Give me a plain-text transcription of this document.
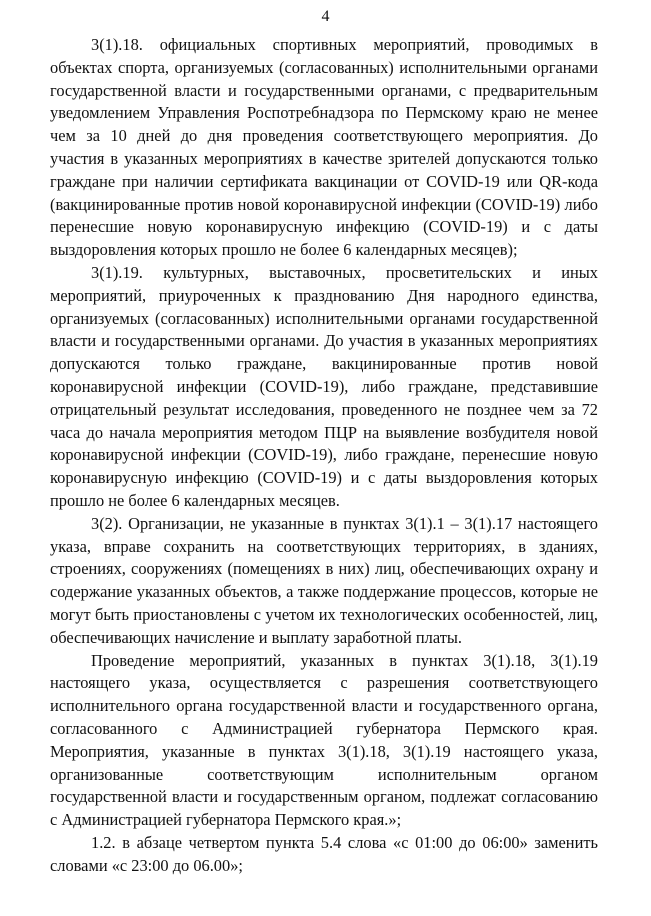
4

3(1).18. официальных спортивных мероприятий, проводимых в объектах спорта, организуемых (согласованных) исполнительными органами государственной власти и государственными органами, с предварительным уведомлением Управления Роспотребнадзора по Пермскому краю не менее чем за 10 дней до дня проведения соответствующего мероприятия. До участия в указанных мероприятиях в качестве зрителей допускаются только граждане при наличии сертификата вакцинации от COVID-19 или QR-кода (вакцинированные против новой коронавирусной инфекции (COVID-19) либо перенесшие новую коронавирусную инфекцию (COVID-19) и с даты выздоровления которых прошло не более 6 календарных месяцев);

3(1).19. культурных, выставочных, просветительских и иных мероприятий, приуроченных к празднованию Дня народного единства, организуемых (согласованных) исполнительными органами государственной власти и государственными органами. До участия в указанных мероприятиях допускаются только граждане, вакцинированные против новой коронавирусной инфекции (COVID-19), либо граждане, представившие отрицательный результат исследования, проведенного не позднее чем за 72 часа до начала мероприятия методом ПЦР на выявление возбудителя новой коронавирусной инфекции (COVID-19), либо граждане, перенесшие новую коронавирусную инфекцию (COVID-19) и с даты выздоровления которых прошло не более 6 календарных месяцев.

3(2). Организации, не указанные в пунктах 3(1).1 – 3(1).17 настоящего указа, вправе сохранить на соответствующих территориях, в зданиях, строениях, сооружениях (помещениях в них) лиц, обеспечивающих охрану и содержание указанных объектов, а также поддержание процессов, которые не могут быть приостановлены с учетом их технологических особенностей, лиц, обеспечивающих начисление и выплату заработной платы.

Проведение мероприятий, указанных в пунктах 3(1).18, 3(1).19 настоящего указа, осуществляется с разрешения соответствующего исполнительного органа государственной власти и государственного органа, согласованного с Администрацией губернатора Пермского края. Мероприятия, указанные в пунктах 3(1).18, 3(1).19 настоящего указа, организованные соответствующим исполнительным органом государственной власти и государственным органом, подлежат согласованию с Администрацией губернатора Пермского края.»;

1.2. в абзаце четвертом пункта 5.4 слова «с 01:00 до 06:00» заменить словами «с 23:00 до 06.00»;
